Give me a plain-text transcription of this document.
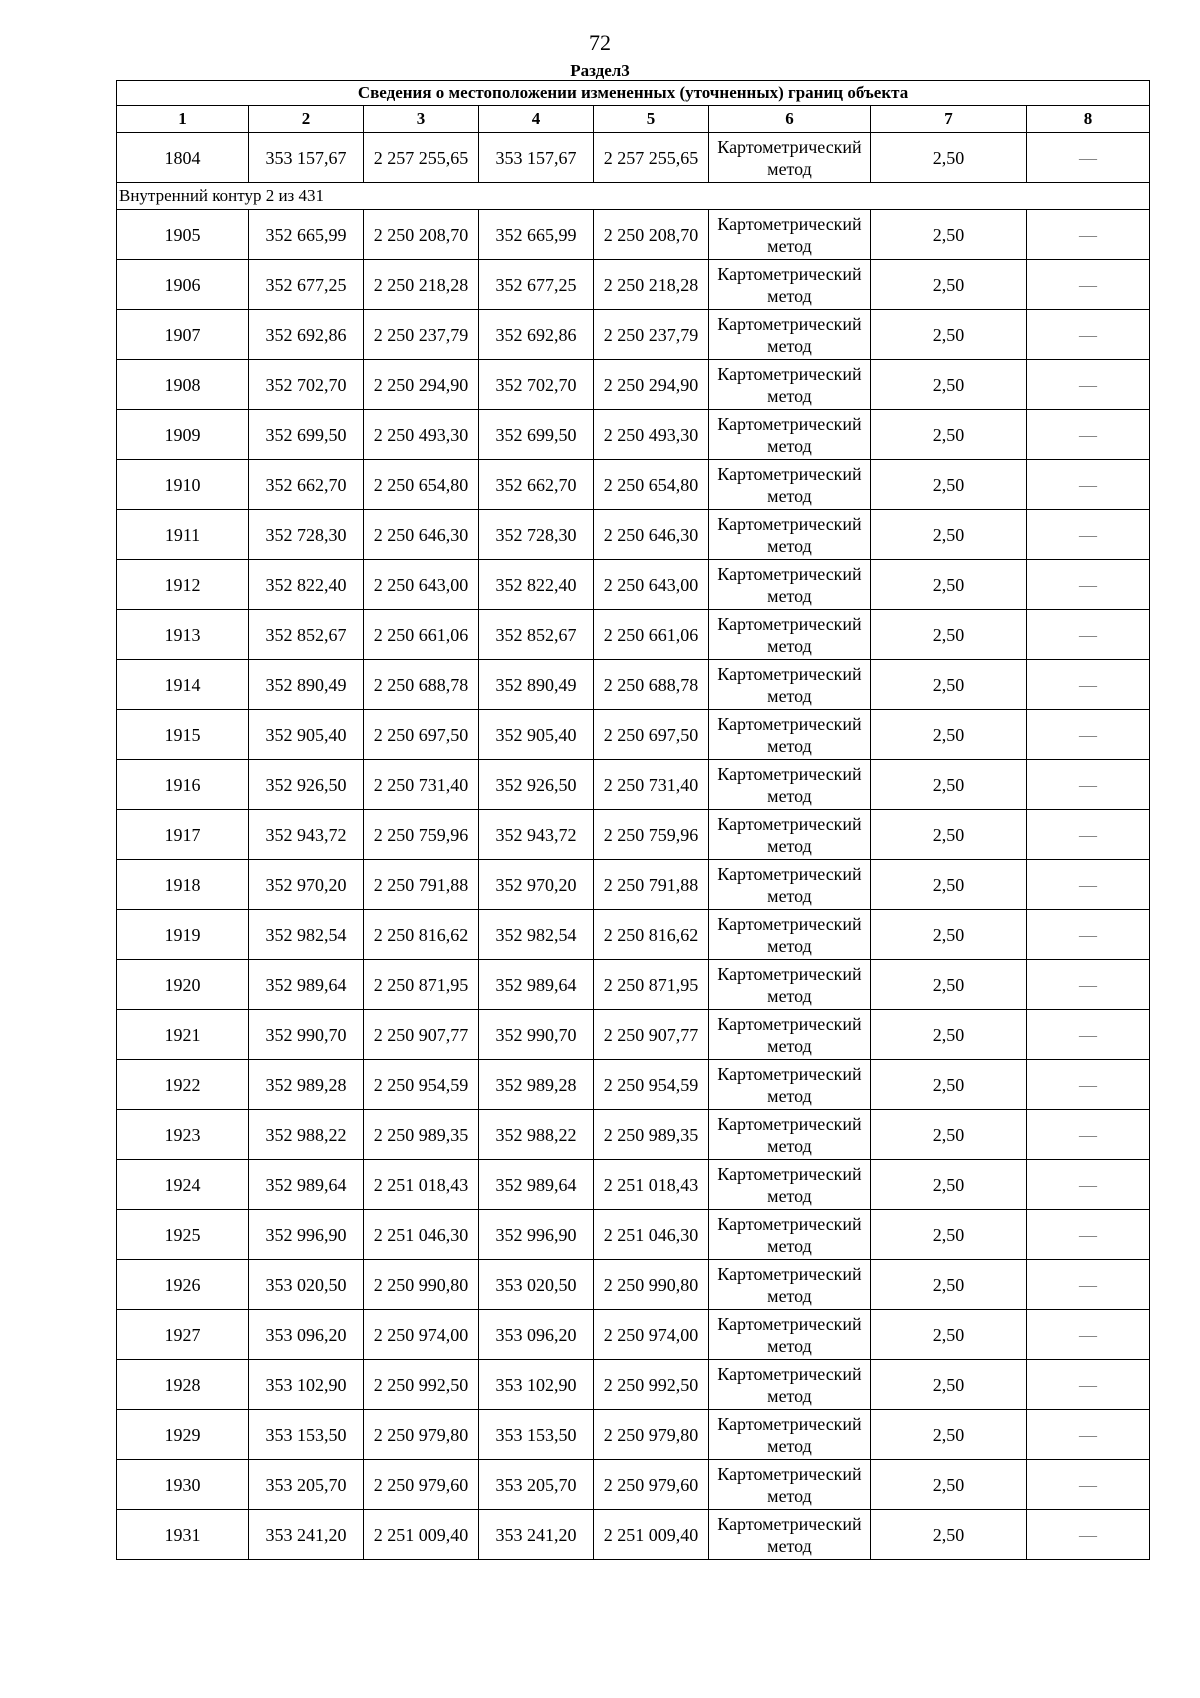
72
Раздел3
Сведения о местоположении измененных (уточненных) границ объекта							
1	2	3	4	5	6	7	8
1804	353 157,67	2 257 255,65	353 157,67	2 257 255,65	Картометрический метод	2,50	—
Внутренний контур 2 из 431							
1905	352 665,99	2 250 208,70	352 665,99	2 250 208,70	Картометрический метод	2,50	—
1906	352 677,25	2 250 218,28	352 677,25	2 250 218,28	Картометрический метод	2,50	—
1907	352 692,86	2 250 237,79	352 692,86	2 250 237,79	Картометрический метод	2,50	—
1908	352 702,70	2 250 294,90	352 702,70	2 250 294,90	Картометрический метод	2,50	—
1909	352 699,50	2 250 493,30	352 699,50	2 250 493,30	Картометрический метод	2,50	—
1910	352 662,70	2 250 654,80	352 662,70	2 250 654,80	Картометрический метод	2,50	—
1911	352 728,30	2 250 646,30	352 728,30	2 250 646,30	Картометрический метод	2,50	—
1912	352 822,40	2 250 643,00	352 822,40	2 250 643,00	Картометрический метод	2,50	—
1913	352 852,67	2 250 661,06	352 852,67	2 250 661,06	Картометрический метод	2,50	—
1914	352 890,49	2 250 688,78	352 890,49	2 250 688,78	Картометрический метод	2,50	—
1915	352 905,40	2 250 697,50	352 905,40	2 250 697,50	Картометрический метод	2,50	—
1916	352 926,50	2 250 731,40	352 926,50	2 250 731,40	Картометрический метод	2,50	—
1917	352 943,72	2 250 759,96	352 943,72	2 250 759,96	Картометрический метод	2,50	—
1918	352 970,20	2 250 791,88	352 970,20	2 250 791,88	Картометрический метод	2,50	—
1919	352 982,54	2 250 816,62	352 982,54	2 250 816,62	Картометрический метод	2,50	—
1920	352 989,64	2 250 871,95	352 989,64	2 250 871,95	Картометрический метод	2,50	—
1921	352 990,70	2 250 907,77	352 990,70	2 250 907,77	Картометрический метод	2,50	—
1922	352 989,28	2 250 954,59	352 989,28	2 250 954,59	Картометрический метод	2,50	—
1923	352 988,22	2 250 989,35	352 988,22	2 250 989,35	Картометрический метод	2,50	—
1924	352 989,64	2 251 018,43	352 989,64	2 251 018,43	Картометрический метод	2,50	—
1925	352 996,90	2 251 046,30	352 996,90	2 251 046,30	Картометрический метод	2,50	—
1926	353 020,50	2 250 990,80	353 020,50	2 250 990,80	Картометрический метод	2,50	—
1927	353 096,20	2 250 974,00	353 096,20	2 250 974,00	Картометрический метод	2,50	—
1928	353 102,90	2 250 992,50	353 102,90	2 250 992,50	Картометрический метод	2,50	—
1929	353 153,50	2 250 979,80	353 153,50	2 250 979,80	Картометрический метод	2,50	—
1930	353 205,70	2 250 979,60	353 205,70	2 250 979,60	Картометрический метод	2,50	—
1931	353 241,20	2 251 009,40	353 241,20	2 251 009,40	Картометрический метод	2,50	—
